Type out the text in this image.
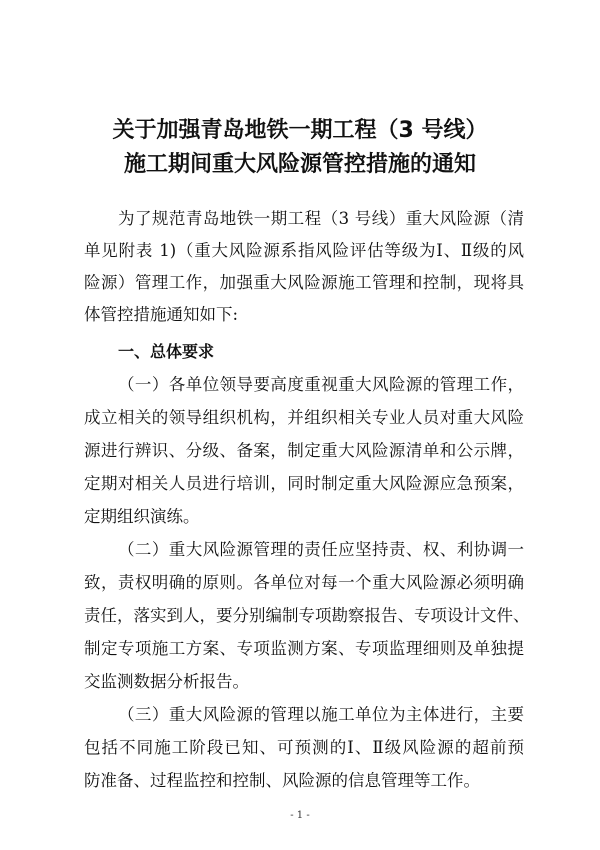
关于加强青岛地铁一期工程（3 号线）
施工期间重大风险源管控措施的通知
为了规范青岛地铁一期工程（3 号线）重大风险源（清
单见附表 1)（重大风险源系指风险评估等级为Ⅰ、Ⅱ级的风
险源）管理工作，加强重大风险源施工管理和控制，现将具
体管控措施通知如下:
一、总体要求
（一）各单位领导要高度重视重大风险源的管理工作，
成立相关的领导组织机构，并组织相关专业人员对重大风险
源进行辨识、分级、备案，制定重大风险源清单和公示牌，
定期对相关人员进行培训，同时制定重大风险源应急预案，
定期组织演练。
（二）重大风险源管理的责任应坚持责、权、利协调一
致，责权明确的原则。各单位对每一个重大风险源必须明确
责任，落实到人，要分别编制专项勘察报告、专项设计文件、
制定专项施工方案、专项监测方案、专项监理细则及单独提
交监测数据分析报告。
（三）重大风险源的管理以施工单位为主体进行，主要
包括不同施工阶段已知、可预测的Ⅰ、Ⅱ级风险源的超前预
防准备、过程监控和控制、风险源的信息管理等工作。
- 1 -
